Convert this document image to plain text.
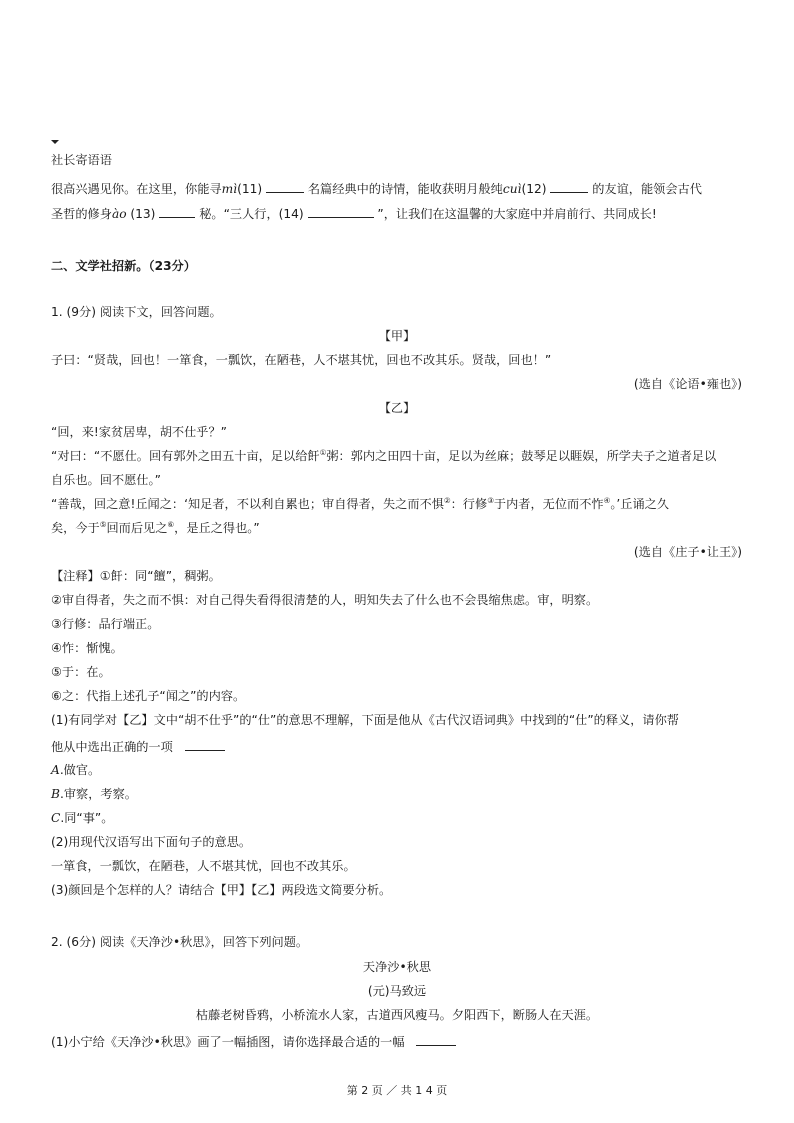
社长寄语语
很高兴遇见你。在这里，你能寻mì(11)	名篇经典中的诗情，能收获明月般纯cuì(12)	的友谊，能领会古代
圣哲的修身ào (13)	秘。“三人行，(14)	”，让我们在这温馨的大家庭中并肩前行、共同成长!
二、文学社招新。（23分）
1. (9分) 阅读下文，回答问题。
【甲】
子曰：“贤哉，回也！一箪食，一瓢饮，在陋巷，人不堪其忧，回也不改其乐。贤哉，回也！”
(选自《论语•雍也》)
【乙】
“回，来!家贫居卑，胡不仕乎？”
“对曰：“不愿仕。回有郭外之田五十亩，足以给飦①粥：郭内之田四十亩，足以为丝麻；鼓琴足以睚娱，所学夫子之道者足以
自乐也。回不愿仕。”
“善哉，回之意!丘闻之：‘知足者，不以利自累也；审自得者，失之而不惧②：行修③于内者，无位而不怍④。’丘诵之久
矣，今于⑤回而后见之⑥，是丘之得也。”
(选自《庄子•让王》)
【注释】①飦：同“饘”，稠粥。
②审自得者，失之而不惧：对自己得失看得很清楚的人，明知失去了什么也不会畏缩焦虑。审，明察。
③行修：品行端正。
④怍：惭愧。
⑤于：在。
⑥之：代指上述孔子“闻之”的内容。
(1)有同学对【乙】文中“胡不仕乎”的“仕”的意思不理解，下面是他从《古代汉语词典》中找到的“仕”的释义，请你帮
他从中选出正确的一项
A.做官。
B.审察，考察。
C.同“事”。
(2)用现代汉语写出下面句子的意思。
一箪食，一瓢饮，在陋巷，人不堪其忧，回也不改其乐。
(3)颜回是个怎样的人？请结合【甲】【乙】两段选文简要分析。
2. (6分) 阅读《天净沙•秋思》，回答下列问题。
天净沙•秋思
(元)马致远
枯藤老树昏鸦，小桥流水人家，古道西风瘦马。夕阳西下，断肠人在天涯。
(1)小宁给《天净沙•秋思》画了一幅插图，请你选择最合适的一幅
第 2 页 ／ 共 1 4 页
